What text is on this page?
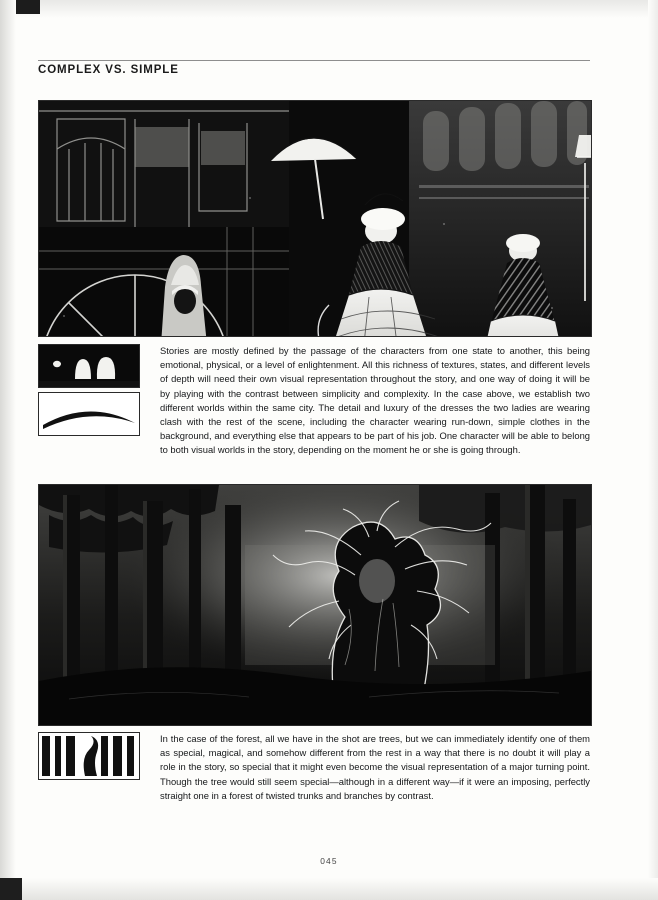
COMPLEX VS. SIMPLE
Stories are mostly defined by the passage of the characters from one state to another, this being emotional, physical, or a level of enlightenment. All this richness of textures, states, and different levels of depth will need their own visual representation throughout the story, and one way of doing it will be by playing with the contrast between simplicity and complexity. In the case above, we establish two different worlds within the same city. The detail and luxury of the dresses the two ladies are wearing clash with the rest of the scene, including the character wearing run-down, simple clothes in the background, and everything else that appears to be part of his job. One character will be able to belong to both visual worlds in the story, depending on the moment he or she is going through.
In the case of the forest, all we have in the shot are trees, but we can immediately identify one of them as special, magical, and somehow different from the rest in a way that there is no doubt it will play a role in the story, so special that it might even become the visual representation of a major turning point. Though the tree would still seem special—although in a different way—if it were an imposing, perfectly straight one in a forest of twisted trunks and branches by contrast.
045
